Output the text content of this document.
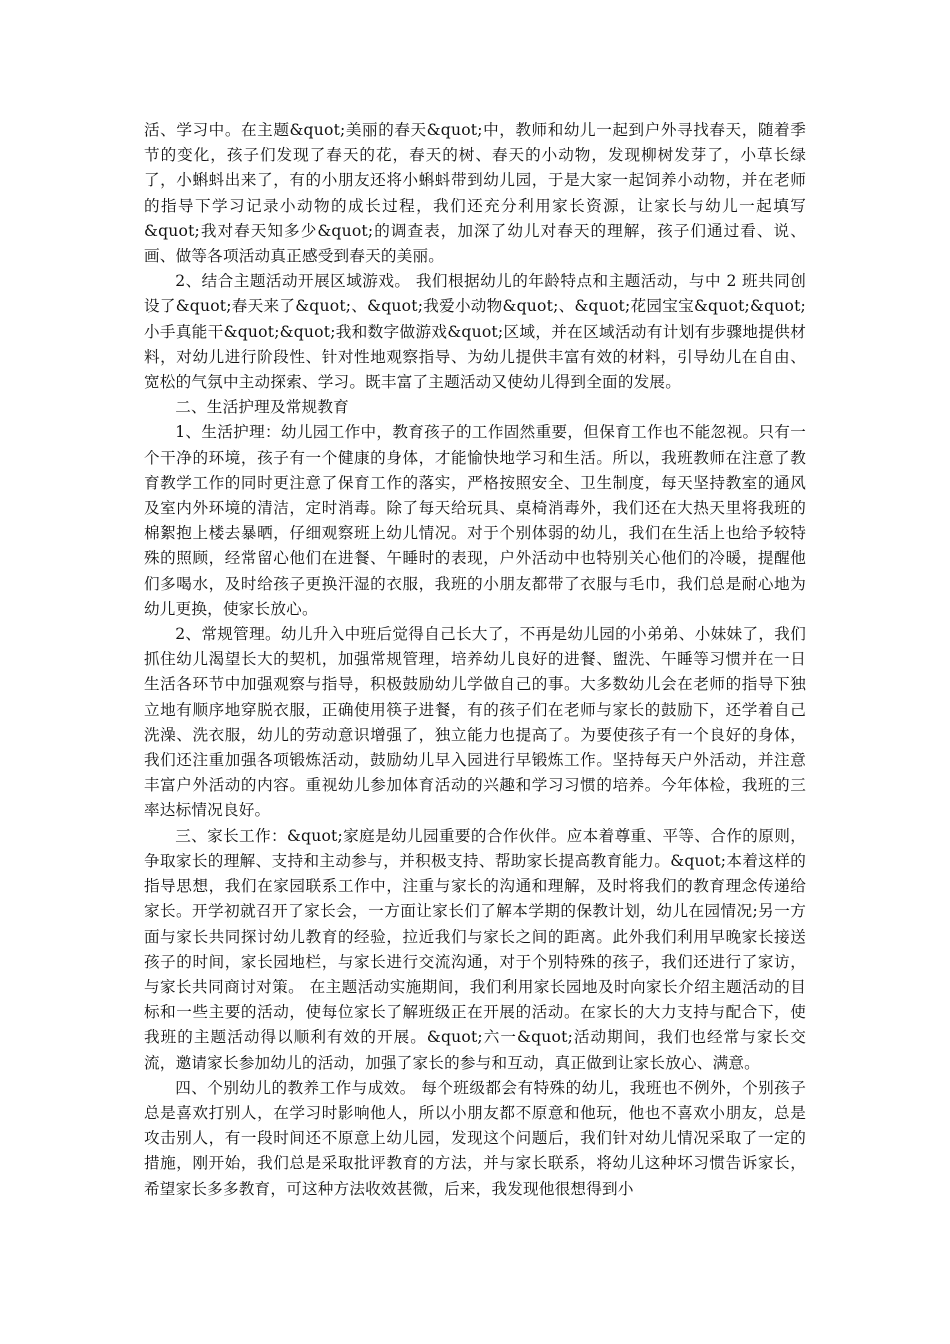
活、学习中。在主题&quot;美丽的春天&quot;中，教师和幼儿一起到户外寻找春天，随着季节的变化，孩子们发现了春天的花，春天的树、春天的小动物，发现柳树发芽了，小草长绿了，小蝌蚪出来了，有的小朋友还将小蝌蚪带到幼儿园，于是大家一起饲养小动物，并在老师的指导下学习记录小动物的成长过程，我们还充分利用家长资源，让家长与幼儿一起填写&quot;我对春天知多少&quot;的调查表，加深了幼儿对春天的理解，孩子们通过看、说、画、做等各项活动真正感受到春天的美丽。

2、结合主题活动开展区域游戏。 我们根据幼儿的年龄特点和主题活动，与中 2 班共同创设了&quot;春天来了&quot;、&quot;我爱小动物&quot;、&quot;花园宝宝&quot;&quot;小手真能干&quot;&quot;我和数字做游戏&quot;区域，并在区域活动有计划有步骤地提供材料，对幼儿进行阶段性、针对性地观察指导、为幼儿提供丰富有效的材料，引导幼儿在自由、宽松的气氛中主动探索、学习。既丰富了主题活动又使幼儿得到全面的发展。

二、生活护理及常规教育

1、生活护理：幼儿园工作中，教育孩子的工作固然重要，但保育工作也不能忽视。只有一个干净的环境，孩子有一个健康的身体，才能愉快地学习和生活。所以，我班教师在注意了教育教学工作的同时更注意了保育工作的落实，严格按照安全、卫生制度，每天坚持教室的通风及室内外环境的清洁，定时消毒。除了每天给玩具、桌椅消毒外，我们还在大热天里将我班的棉絮抱上楼去暴晒，仔细观察班上幼儿情况。对于个别体弱的幼儿，我们在生活上也给予较特殊的照顾，经常留心他们在进餐、午睡时的表现，户外活动中也特别关心他们的冷暖，提醒他们多喝水，及时给孩子更换汗湿的衣服，我班的小朋友都带了衣服与毛巾，我们总是耐心地为幼儿更换，使家长放心。

2、常规管理。幼儿升入中班后觉得自己长大了，不再是幼儿园的小弟弟、小妹妹了，我们抓住幼儿渴望长大的契机，加强常规管理，培养幼儿良好的进餐、盥洗、午睡等习惯并在一日生活各环节中加强观察与指导，积极鼓励幼儿学做自己的事。大多数幼儿会在老师的指导下独立地有顺序地穿脱衣服，正确使用筷子进餐，有的孩子们在老师与家长的鼓励下，还学着自己洗澡、洗衣服，幼儿的劳动意识增强了，独立能力也提高了。为要使孩子有一个良好的身体，我们还注重加强各项锻炼活动，鼓励幼儿早入园进行早锻炼工作。坚持每天户外活动，并注意丰富户外活动的内容。重视幼儿参加体育活动的兴趣和学习习惯的培养。今年体检，我班的三率达标情况良好。

三、家长工作：&quot;家庭是幼儿园重要的合作伙伴。应本着尊重、平等、合作的原则，争取家长的理解、支持和主动参与，并积极支持、帮助家长提高教育能力。&quot;本着这样的指导思想，我们在家园联系工作中，注重与家长的沟通和理解，及时将我们的教育理念传递给家长。开学初就召开了家长会，一方面让家长们了解本学期的保教计划，幼儿在园情况;另一方面与家长共同探讨幼儿教育的经验，拉近我们与家长之间的距离。此外我们利用早晚家长接送孩子的时间，家长园地栏，与家长进行交流沟通，对于个别特殊的孩子，我们还进行了家访，与家长共同商讨对策。 在主题活动实施期间，我们利用家长园地及时向家长介绍主题活动的目标和一些主要的活动，使每位家长了解班级正在开展的活动。在家长的大力支持与配合下，使我班的主题活动得以顺利有效的开展。&quot;六一&quot;活动期间，我们也经常与家长交流，邀请家长参加幼儿的活动，加强了家长的参与和互动，真正做到让家长放心、满意。

四、个别幼儿的教养工作与成效。 每个班级都会有特殊的幼儿，我班也不例外，个别孩子总是喜欢打别人，在学习时影响他人，所以小朋友都不原意和他玩，他也不喜欢小朋友，总是攻击别人，有一段时间还不原意上幼儿园，发现这个问题后，我们针对幼儿情况采取了一定的措施，刚开始，我们总是采取批评教育的方法，并与家长联系，将幼儿这种坏习惯告诉家长，希望家长多多教育，可这种方法收效甚微，后来，我发现他很想得到小
